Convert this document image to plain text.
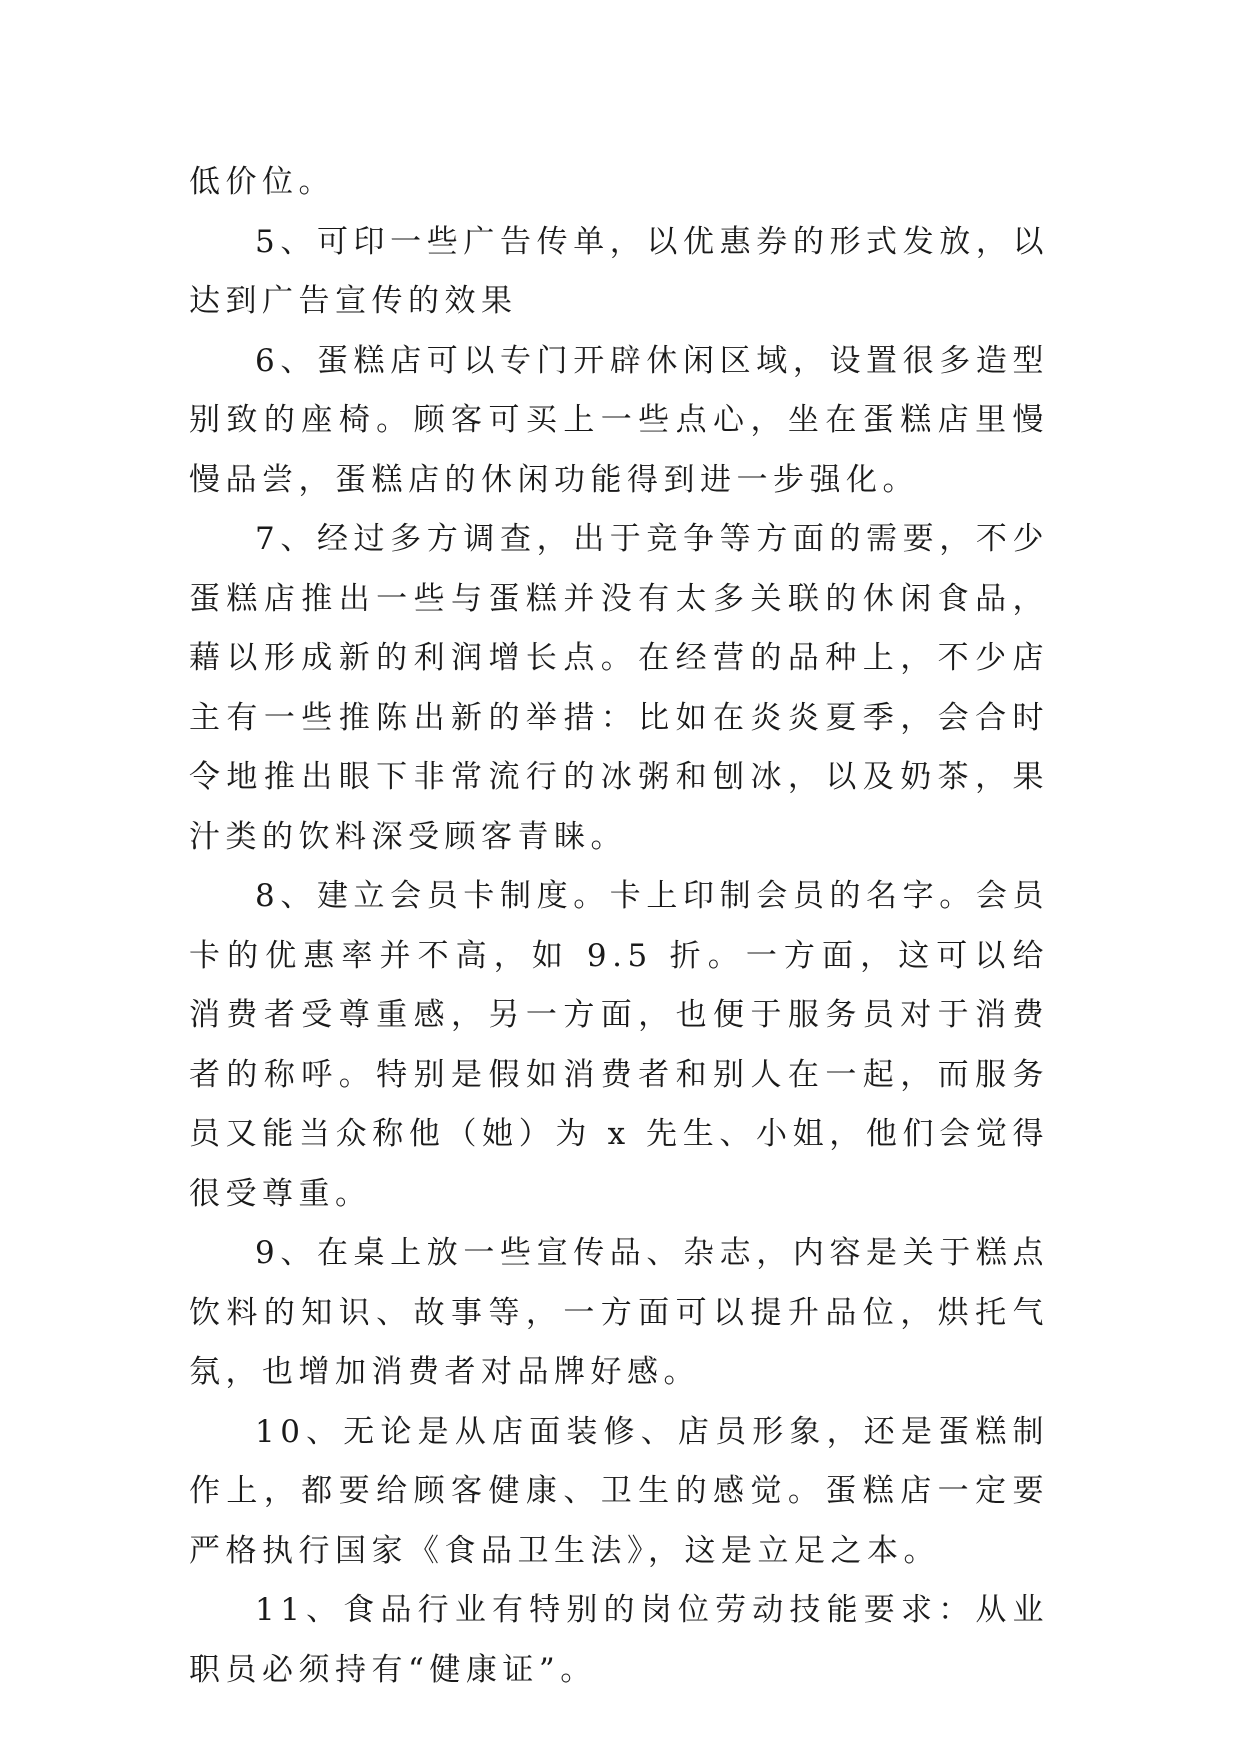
低价位。

5、可印一些广告传单，以优惠券的形式发放，以达到广告宣传的效果

6、蛋糕店可以专门开辟休闲区域，设置很多造型别致的座椅。顾客可买上一些点心，坐在蛋糕店里慢慢品尝，蛋糕店的休闲功能得到进一步强化。

7、经过多方调查，出于竞争等方面的需要，不少蛋糕店推出一些与蛋糕并没有太多关联的休闲食品，藉以形成新的利润增长点。在经营的品种上，不少店主有一些推陈出新的举措：比如在炎炎夏季，会合时令地推出眼下非常流行的冰粥和刨冰，以及奶茶，果汁类的饮料深受顾客青睐。

8、建立会员卡制度。卡上印制会员的名字。会员卡的优惠率并不高，如 9.5 折。一方面，这可以给消费者受尊重感，另一方面，也便于服务员对于消费者的称呼。特别是假如消费者和别人在一起，而服务员又能当众称他（她）为 x 先生、小姐，他们会觉得很受尊重。

9、在桌上放一些宣传品、杂志，内容是关于糕点饮料的知识、故事等，一方面可以提升品位，烘托气氛，也增加消费者对品牌好感。

10、无论是从店面装修、店员形象，还是蛋糕制作上，都要给顾客健康、卫生的感觉。蛋糕店一定要严格执行国家《食品卫生法》，这是立足之本。

11、食品行业有特别的岗位劳动技能要求：从业职员必须持有“健康证”。
